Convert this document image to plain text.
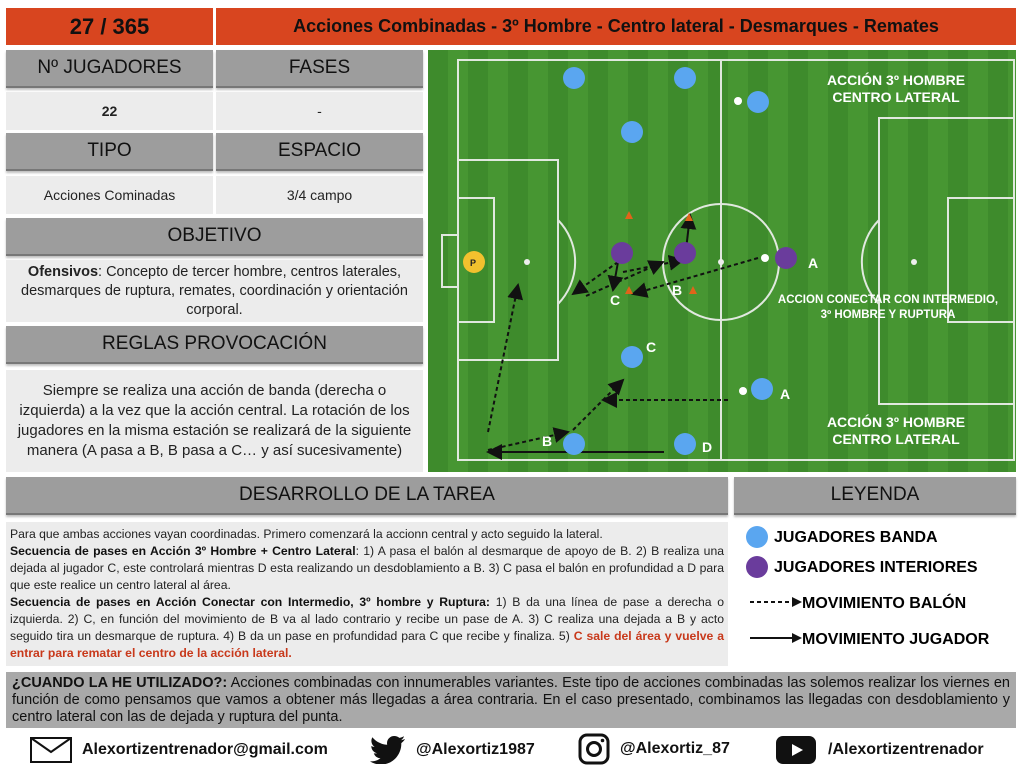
27 / 365	Acciones Combinadas - 3º Hombre - Centro lateral - Desmarques - Remates
Nº JUGADORES	FASES
22	-
TIPO	ESPACIO
Acciones Cominadas	3/4 campo
OBJETIVO
Ofensivos: Concepto de tercer hombre, centros laterales, desmarques de ruptura, remates, coordinación y orientación corporal.
REGLAS PROVOCACIÓN
Siempre se realiza una acción de banda (derecha o izquierda) a la vez que la acción central. La rotación de los jugadores en la misma estación se realizará de la siguiente manera (A pasa a B, B pasa a C… y así sucesivamente)
P	A
B
C
C
A
B	D
ACCIÓN 3º HOMBRE CENTRO LATERAL
ACCION CONECTAR CON INTERMEDIO, 3º HOMBRE Y RUPTURA
ACCIÓN 3º HOMBRE CENTRO LATERAL
DESARROLLO DE LA TAREA
Para que ambas acciones vayan coordinadas. Primero comenzará la accionn central y acto seguido la lateral.
Secuencia de pases en Acción 3º Hombre + Centro Lateral: 1) A pasa el balón al desmarque de apoyo de B. 2) B realiza una dejada al jugador C, este controlará mientras D esta realizando un desdoblamiento a B. 3) C pasa el balón en profundidad a D para que este realice un centro lateral al área.
Secuencia de pases en Acción Conectar con Intermedio, 3º hombre y Ruptura: 1) B da una línea de pase a derecha o izquierda. 2) C, en función del movimiento de B va al lado contrario y recibe un pase de A. 3) C realiza una dejada a B y acto seguido tira un desmarque de ruptura. 4) B da un pase en profundidad para C que recibe y finaliza. 5) C sale del área y vuelve a entrar para rematar el centro de la acción lateral.
LEYENDA
JUGADORES BANDA
JUGADORES INTERIORES
MOVIMIENTO BALÓN
MOVIMIENTO JUGADOR
¿CUANDO LA HE UTILIZADO?: Acciones combinadas con innumerables variantes. Este tipo de acciones combinadas las solemos realizar los viernes en función de como pensamos que vamos a obtener más llegadas a área contraria. En el caso presentado, combinamos las llegadas con desdoblamiento y centro lateral con las de dejada y ruptura del punta.
Alexortizentrenador@gmail.com	@Alexortiz1987	@Alexortiz_87	/Alexortizentrenador
